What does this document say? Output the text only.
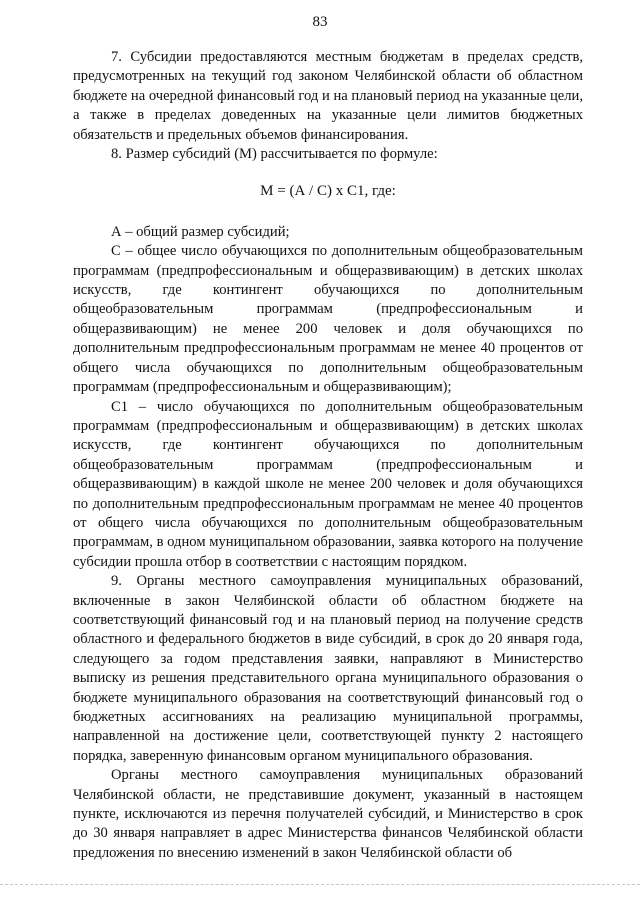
83

7. Субсидии предоставляются местным бюджетам в пределах средств, предусмотренных на текущий год законом Челябинской области об областном бюджете на очередной финансовый год и на плановый период на указанные цели, а также в пределах доведенных на указанные цели лимитов бюджетных обязательств и предельных объемов финансирования.

8. Размер субсидий (М) рассчитывается по формуле:

М = (А / С) х С1, где:

А – общий размер субсидий;

С – общее число обучающихся по дополнительным общеобразовательным программам (предпрофессиональным и общеразвивающим) в детских школах искусств, где контингент обучающихся по дополнительным общеобразовательным программам (предпрофессиональным и общеразвивающим) не менее 200 человек и доля обучающихся по дополнительным предпрофессиональным программам не менее 40 процентов от общего числа обучающихся по дополнительным общеобразовательным программам (предпрофессиональным и общеразвивающим);

С1 – число обучающихся по дополнительным общеобразовательным программам (предпрофессиональным и общеразвивающим) в детских школах искусств, где контингент обучающихся по дополнительным общеобразовательным программам (предпрофессиональным и общеразвивающим) в каждой школе не менее 200 человек и доля обучающихся по дополнительным предпрофессиональным программам не менее 40 процентов от общего числа обучающихся по дополнительным общеобразовательным программам, в одном муниципальном образовании, заявка которого на получение субсидии прошла отбор в соответствии с настоящим порядком.

9. Органы местного самоуправления муниципальных образований, включенные в закон Челябинской области об областном бюджете на соответствующий финансовый год и на плановый период на получение средств областного и федерального бюджетов в виде субсидий, в срок до 20 января года, следующего за годом представления заявки, направляют в Министерство выписку из решения представительного органа муниципального образования о бюджете муниципального образования на соответствующий финансовый год о бюджетных ассигнованиях на реализацию муниципальной программы, направленной на достижение цели, соответствующей пункту 2 настоящего порядка, заверенную финансовым органом муниципального образования.

Органы местного самоуправления муниципальных образований Челябинской области, не представившие документ, указанный в настоящем пункте, исключаются из перечня получателей субсидий, и Министерство в срок до 30 января направляет в адрес Министерства финансов Челябинской области предложения по внесению изменений в закон Челябинской области об
